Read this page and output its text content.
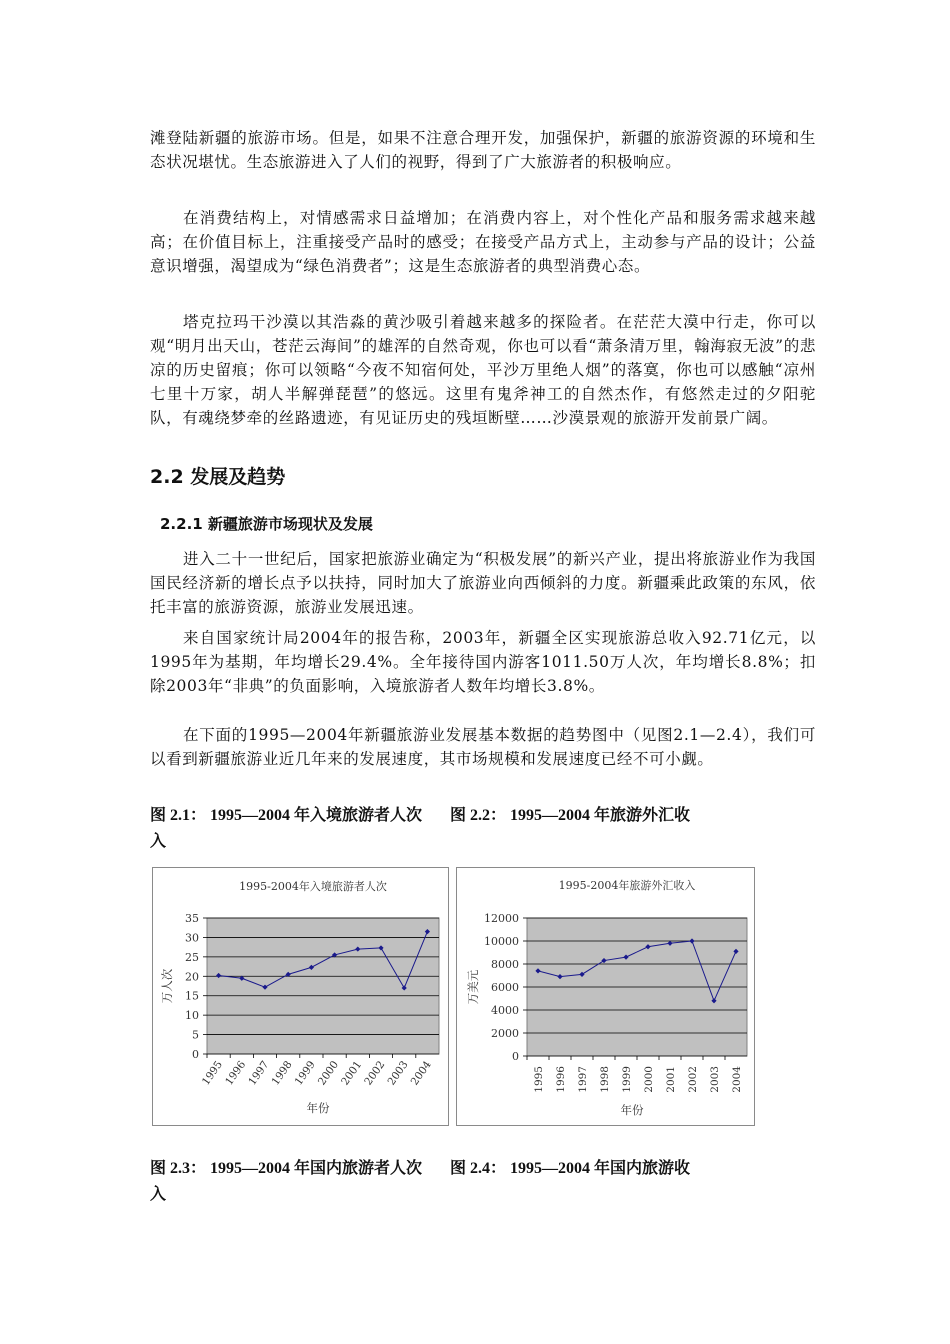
滩登陆新疆的旅游市场。但是，如果不注意合理开发，加强保护，新疆的旅游资源的环境和生态状况堪忧。生态旅游进入了人们的视野，得到了广大旅游者的积极响应。

在消费结构上，对情感需求日益增加；在消费内容上，对个性化产品和服务需求越来越高；在价值目标上，注重接受产品时的感受；在接受产品方式上，主动参与产品的设计；公益意识增强，渴望成为“绿色消费者”；这是生态旅游者的典型消费心态。

塔克拉玛干沙漠以其浩淼的黄沙吸引着越来越多的探险者。在茫茫大漠中行走，你可以观“明月出天山，苍茫云海间”的雄浑的自然奇观，你也可以看“萧条清万里，翰海寂无波”的悲凉的历史留痕；你可以领略“今夜不知宿何处，平沙万里绝人烟”的落寞，你也可以感触“凉州七里十万家，胡人半解弹琵琶”的悠远。这里有鬼斧神工的自然杰作，有悠然走过的夕阳驼队，有魂绕梦牵的丝路遗迹，有见证历史的残垣断壁……沙漠景观的旅游开发前景广阔。

2.2 发展及趋势

2.2.1 新疆旅游市场现状及发展

进入二十一世纪后，国家把旅游业确定为“积极发展”的新兴产业，提出将旅游业作为我国国民经济新的增长点予以扶持，同时加大了旅游业向西倾斜的力度。新疆乘此政策的东风，依托丰富的旅游资源，旅游业发展迅速。

来自国家统计局2004年的报告称，2003年，新疆全区实现旅游总收入92.71亿元，以1995年为基期，年均增长29.4%。全年接待国内游客1011.50万人次，年均增长8.8%；扣除2003年“非典”的负面影响，入境旅游者人数年均增长3.8%。

在下面的1995—2004年新疆旅游业发展基本数据的趋势图中（见图2.1—2.4），我们可以看到新疆旅游业近几年来的发展速度，其市场规模和发展速度已经不可小觑。

图 2.1： 1995—2004 年入境旅游者人次 图 2.2： 1995—2004 年旅游外汇收
入
1995-2004年入境旅游者人次
0
5
10
15
20
25
30
35
1995
1996
1997
1998
1999
2000
2001
2002
2003
2004
年份
万人次
1995-2004年旅游外汇收入
0
2000
4000
6000
8000
10000
12000
1995 1996 1997 1998 1999 2000 2001 2002 2003 2004
年份
万美元
图 2.3： 1995—2004 年国内旅游者人次 图 2.4： 1995—2004 年国内旅游收
入
